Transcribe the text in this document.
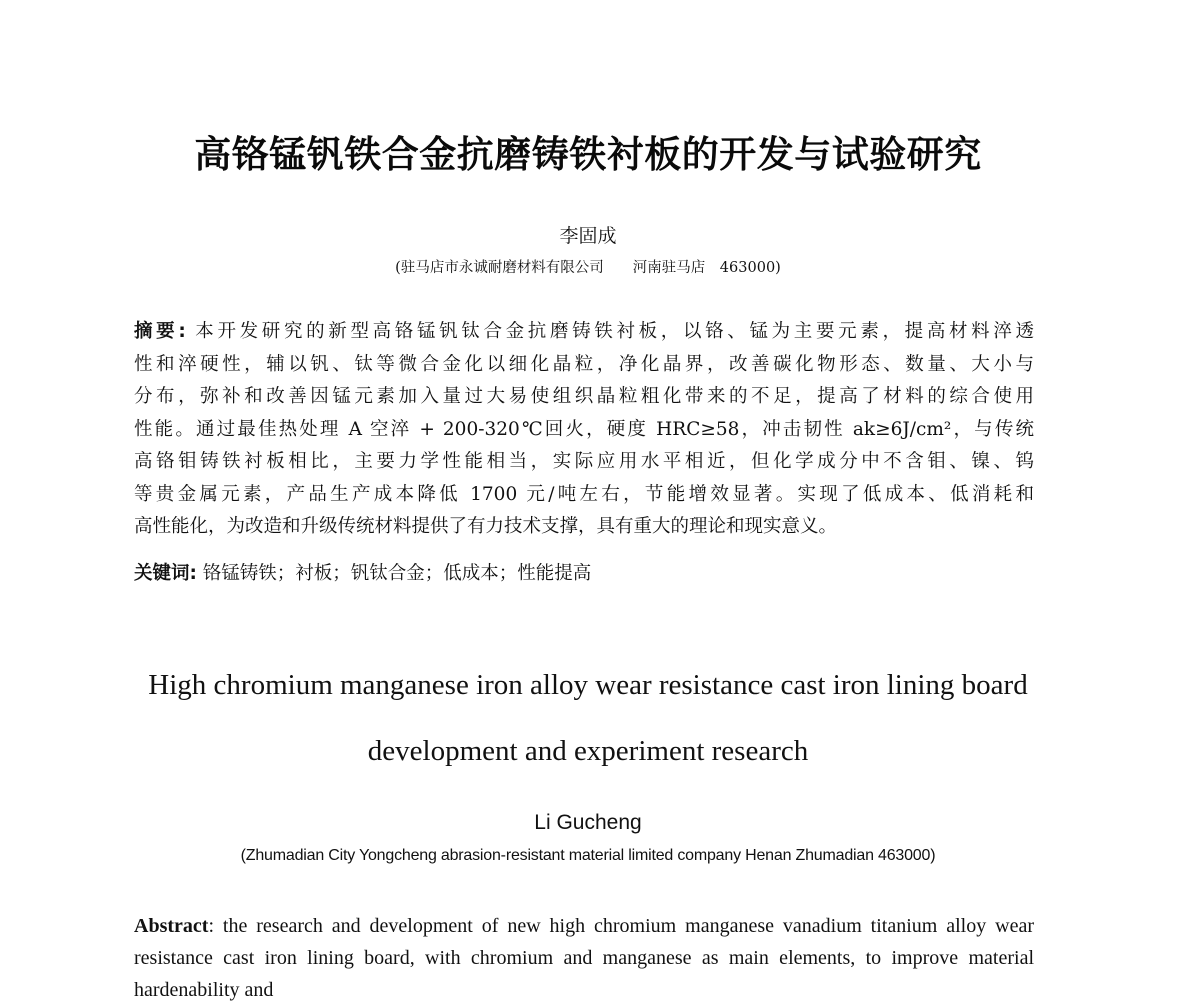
高铬锰钒铁合金抗磨铸铁衬板的开发与试验研究
李固成
(驻马店市永诚耐磨材料有限公司　　河南驻马店　463000)
摘要: 本开发研究的新型高铬锰钒钛合金抗磨铸铁衬板，以铬、锰为主要元素，提高材料淬透
性和淬硬性，辅以钒、钛等微合金化以细化晶粒，净化晶界，改善碳化物形态、数量、大小与
分布，弥补和改善因锰元素加入量过大易使组织晶粒粗化带来的不足，提高了材料的综合使用
性能。通过最佳热处理 A 空淬 + 200-320℃回火，硬度 HRC≥58，冲击韧性 ak≥6J/cm²，与传统
高铬钼铸铁衬板相比，主要力学性能相当，实际应用水平相近，但化学成分中不含钼、镍、钨
等贵金属元素，产品生产成本降低 1700 元/吨左右，节能增效显著。实现了低成本、低消耗和
高性能化，为改造和升级传统材料提供了有力技术支撑，具有重大的理论和现实意义。
关键词: 铬锰铸铁；衬板；钒钛合金；低成本；性能提高
High chromium manganese iron alloy wear resistance cast iron lining board
development and experiment research
Li Gucheng
(Zhumadian City Yongcheng abrasion-resistant material limited company Henan Zhumadian 463000)
Abstract: the research and development of new high chromium manganese vanadium titanium alloy wear resistance cast iron lining board, with chromium and manganese as main elements, to improve material hardenability and
